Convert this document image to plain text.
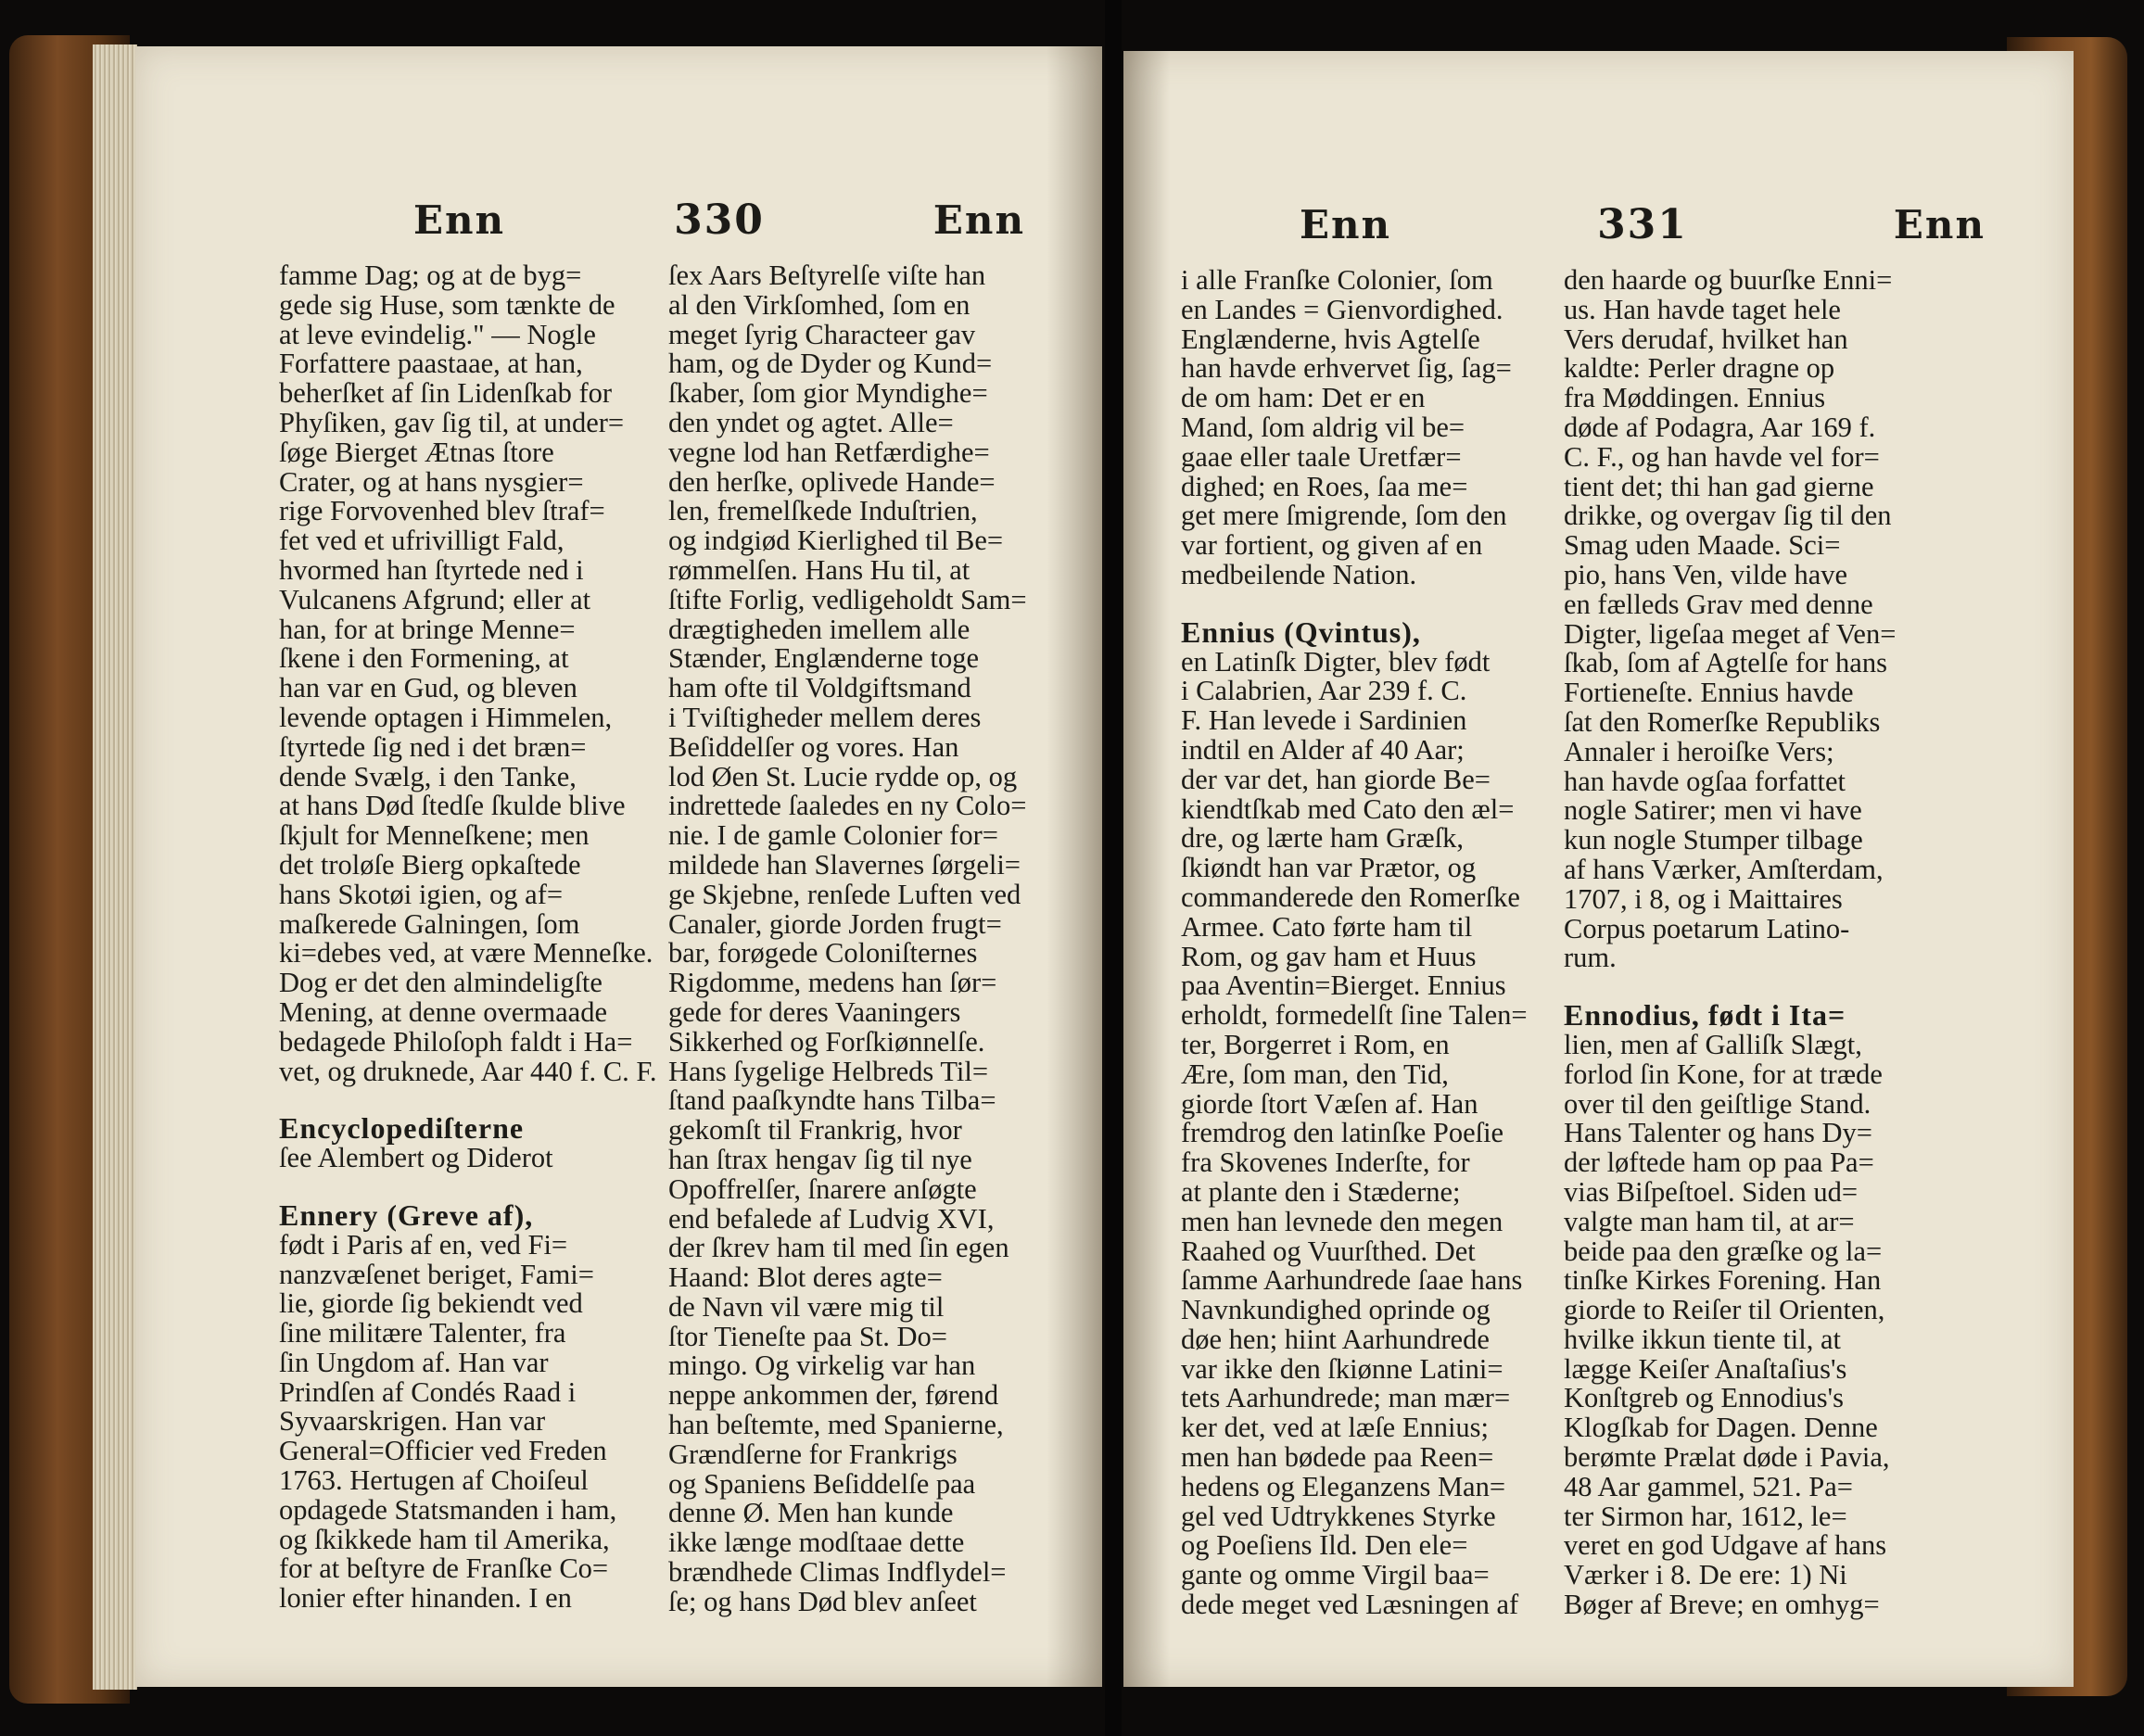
Enn	330	Enn
famme Dag; og at de byg=
gede sig Huse, som tænkte de
at leve evindelig." — Nogle
Forfattere paastaae, at han,
beherſket af ſin Lidenſkab for
Phyſiken, gav ſig til, at under=
ſøge Bierget Ætnas ſtore
Crater, og at hans nysgier=
rige Forvovenhed blev ſtraf=
fet ved et ufrivilligt Fald,
hvormed han ſtyrtede ned i
Vulcanens Afgrund; eller at
han, for at bringe Menne=
ſkene i den Formening, at
han var en Gud, og bleven
levende optagen i Himmelen,
ſtyrtede ſig ned i det bræn=
dende Svælg, i den Tanke,
at hans Død ſtedſe ſkulde blive
ſkjult for Menneſkene; men
det troløſe Bierg opkaſtede
hans Skotøi igien, og af=
maſkerede Galningen, ſom
ki=debes ved, at være Menneſke.
Dog er det den almindeligſte
Mening, at denne overmaade
bedagede Philoſoph faldt i Ha=
vet, og druknede, Aar 440 f. C. F.
Encyclopediſterne
ſee Alembert og Diderot
Ennery (Greve af),
født i Paris af en, ved Fi=
nanzvæſenet beriget, Fami=
lie, giorde ſig bekiendt ved
ſine militære Talenter, fra
ſin Ungdom af. Han var
Prindſen af Condés Raad i
Syvaarskrigen. Han var
General=Officier ved Freden
1763. Hertugen af Choiſeul
opdagede Statsmanden i ham,
og ſkikkede ham til Amerika,
for at beſtyre de Franſke Co=
lonier efter hinanden. I en
ſex Aars Beſtyrelſe viſte han
al den Virkſomhed, ſom en
meget ſyrig Characteer gav
ham, og de Dyder og Kund=
ſkaber, ſom gior Myndighe=
den yndet og agtet. Alle=
vegne lod han Retfærdighe=
den herſke, oplivede Hande=
len, fremelſkede Induſtrien,
og indgiød Kierlighed til Be=
rømmelſen. Hans Hu til, at
ſtifte Forlig, vedligeholdt Sam=
drægtigheden imellem alle
Stænder, Englænderne toge
ham ofte til Voldgiftsmand
i Tviſtigheder mellem deres
Beſiddelſer og vores. Han
lod Øen St. Lucie rydde op, og
indrettede ſaaledes en ny Colo=
nie. I de gamle Colonier for=
mildede han Slavernes ſørgeli=
ge Skjebne, renſede Luften ved
Canaler, giorde Jorden frugt=
bar, forøgede Coloniſternes
Rigdomme, medens han ſør=
gede for deres Vaaningers
Sikkerhed og Forſkiønnelſe.
Hans ſygelige Helbreds Til=
ſtand paaſkyndte hans Tilba=
gekomſt til Frankrig, hvor
han ſtrax hengav ſig til nye
Opoffrelſer, ſnarere anſøgte
end befalede af Ludvig XVI,
der ſkrev ham til med ſin egen
Haand: Blot deres agte=
de Navn vil være mig til
ſtor Tieneſte paa St. Do=
mingo. Og virkelig var han
neppe ankommen der, førend
han beſtemte, med Spanierne,
Grændſerne for Frankrigs
og Spaniens Beſiddelſe paa
denne Ø. Men han kunde
ikke længe modſtaae dette
brændhede Climas Indflydel=
ſe; og hans Død blev anſeet
Enn	331	Enn
i alle Franſke Colonier, ſom
en Landes = Gienvordighed.
Englænderne, hvis Agtelſe
han havde erhvervet ſig, ſag=
de om ham: Det er en
Mand, ſom aldrig vil be=
gaae eller taale Uretfær=
dighed; en Roes, ſaa me=
get mere ſmigrende, ſom den
var fortient, og given af en
medbeilende Nation.
Ennius (Qvintus),
en Latinſk Digter, blev født
i Calabrien, Aar 239 f. C.
F. Han levede i Sardinien
indtil en Alder af 40 Aar;
der var det, han giorde Be=
kiendtſkab med Cato den æl=
dre, og lærte ham Græſk,
ſkiøndt han var Prætor, og
commanderede den Romerſke
Armee. Cato førte ham til
Rom, og gav ham et Huus
paa Aventin=Bierget. Ennius
erholdt, formedelſt ſine Talen=
ter, Borgerret i Rom, en
Ære, ſom man, den Tid,
giorde ſtort Væſen af. Han
fremdrog den latinſke Poeſie
fra Skovenes Inderſte, for
at plante den i Stæderne;
men han levnede den megen
Raahed og Vuurſthed. Det
ſamme Aarhundrede ſaae hans
Navnkundighed oprinde og
døe hen; hiint Aarhundrede
var ikke den ſkiønne Latini=
tets Aarhundrede; man mær=
ker det, ved at læſe Ennius;
men han bødede paa Reen=
hedens og Eleganzens Man=
gel ved Udtrykkenes Styrke
og Poeſiens Ild. Den ele=
gante og omme Virgil baa=
dede meget ved Læsningen af
den haarde og buurſke Enni=
us. Han havde taget hele
Vers derudaf, hvilket han
kaldte: Perler dragne op
fra Møddingen. Ennius
døde af Podagra, Aar 169 f.
C. F., og han havde vel for=
tient det; thi han gad gierne
drikke, og overgav ſig til den
Smag uden Maade. Sci=
pio, hans Ven, vilde have
en fælleds Grav med denne
Digter, ligeſaa meget af Ven=
ſkab, ſom af Agtelſe for hans
Fortieneſte. Ennius havde
ſat den Romerſke Republiks
Annaler i heroiſke Vers;
han havde ogſaa forfattet
nogle Satirer; men vi have
kun nogle Stumper tilbage
af hans Værker, Amſterdam,
1707, i 8, og i Maittaires
Corpus poetarum Latino-
rum.
Ennodius, født i Ita=
lien, men af Galliſk Slægt,
forlod ſin Kone, for at træde
over til den geiſtlige Stand.
Hans Talenter og hans Dy=
der løftede ham op paa Pa=
vias Biſpeſtoel. Siden ud=
valgte man ham til, at ar=
beide paa den græſke og la=
tinſke Kirkes Forening. Han
giorde to Reiſer til Orienten,
hvilke ikkun tiente til, at
lægge Keiſer Anaſtaſius's
Konſtgreb og Ennodius's
Klogſkab for Dagen. Denne
berømte Prælat døde i Pavia,
48 Aar gammel, 521. Pa=
ter Sirmon har, 1612, le=
veret en god Udgave af hans
Værker i 8. De ere: 1) Ni
Bøger af Breve; en omhyg=
